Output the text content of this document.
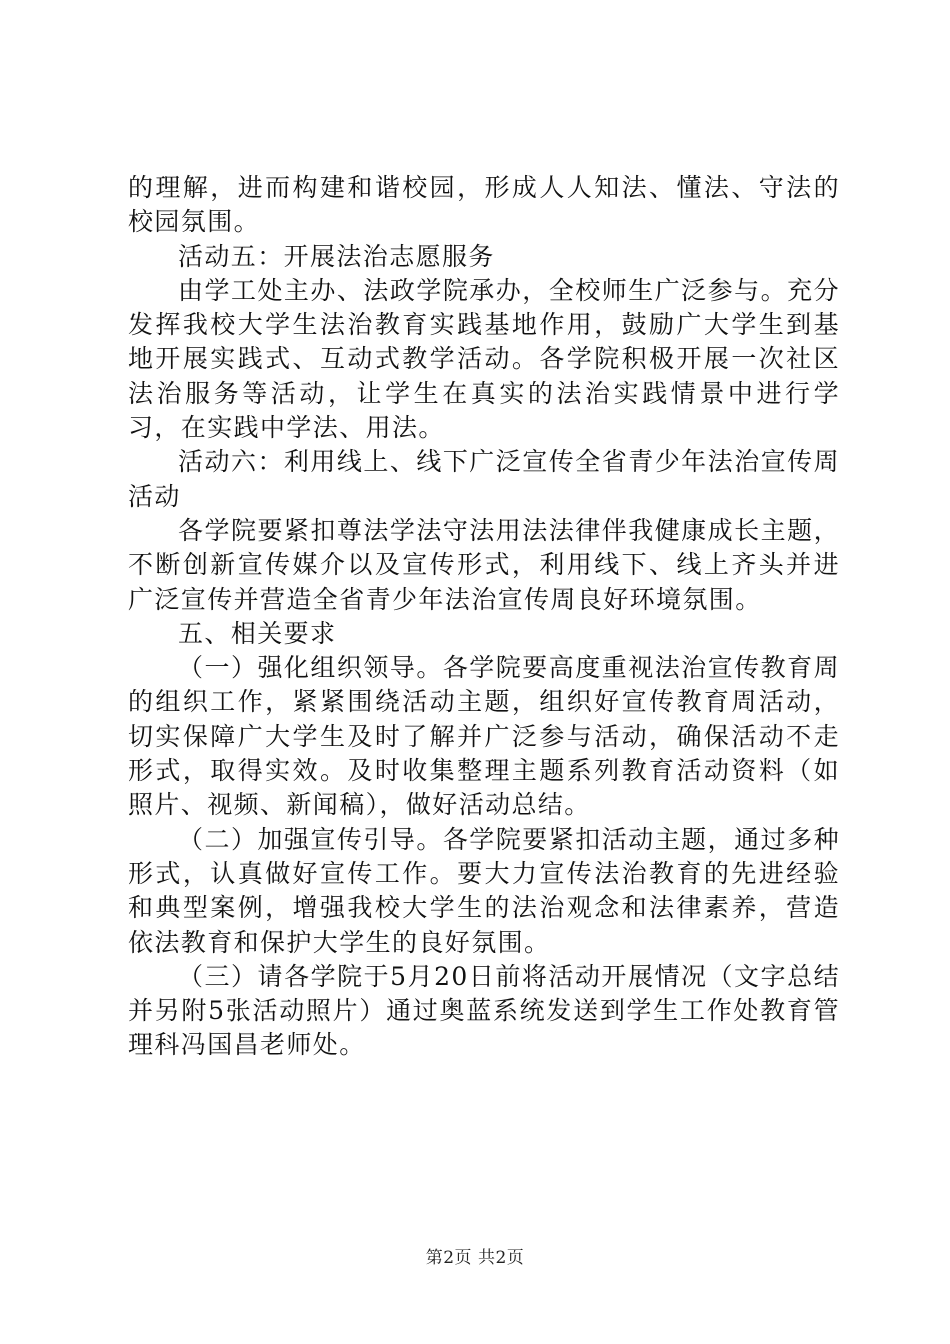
的理解，进而构建和谐校园，形成人人知法、懂法、守法的校园氛围。

活动五：开展法治志愿服务

由学工处主办、法政学院承办，全校师生广泛参与。充分发挥我校大学生法治教育实践基地作用，鼓励广大学生到基地开展实践式、互动式教学活动。各学院积极开展一次社区法治服务等活动，让学生在真实的法治实践情景中进行学习，在实践中学法、用法。

活动六：利用线上、线下广泛宣传全省青少年法治宣传周活动

各学院要紧扣尊法学法守法用法法律伴我健康成长主题，不断创新宣传媒介以及宣传形式，利用线下、线上齐头并进广泛宣传并营造全省青少年法治宣传周良好环境氛围。

五、相关要求

（一）强化组织领导。各学院要高度重视法治宣传教育周的组织工作，紧紧围绕活动主题，组织好宣传教育周活动，切实保障广大学生及时了解并广泛参与活动，确保活动不走形式，取得实效。及时收集整理主题系列教育活动资料（如照片、视频、新闻稿），做好活动总结。

（二）加强宣传引导。各学院要紧扣活动主题，通过多种形式，认真做好宣传工作。要大力宣传法治教育的先进经验和典型案例，增强我校大学生的法治观念和法律素养，营造依法教育和保护大学生的良好氛围。

（三）请各学院于5月20日前将活动开展情况（文字总结并另附5张活动照片）通过奥蓝系统发送到学生工作处教育管理科冯国昌老师处。

第2页 共2页
